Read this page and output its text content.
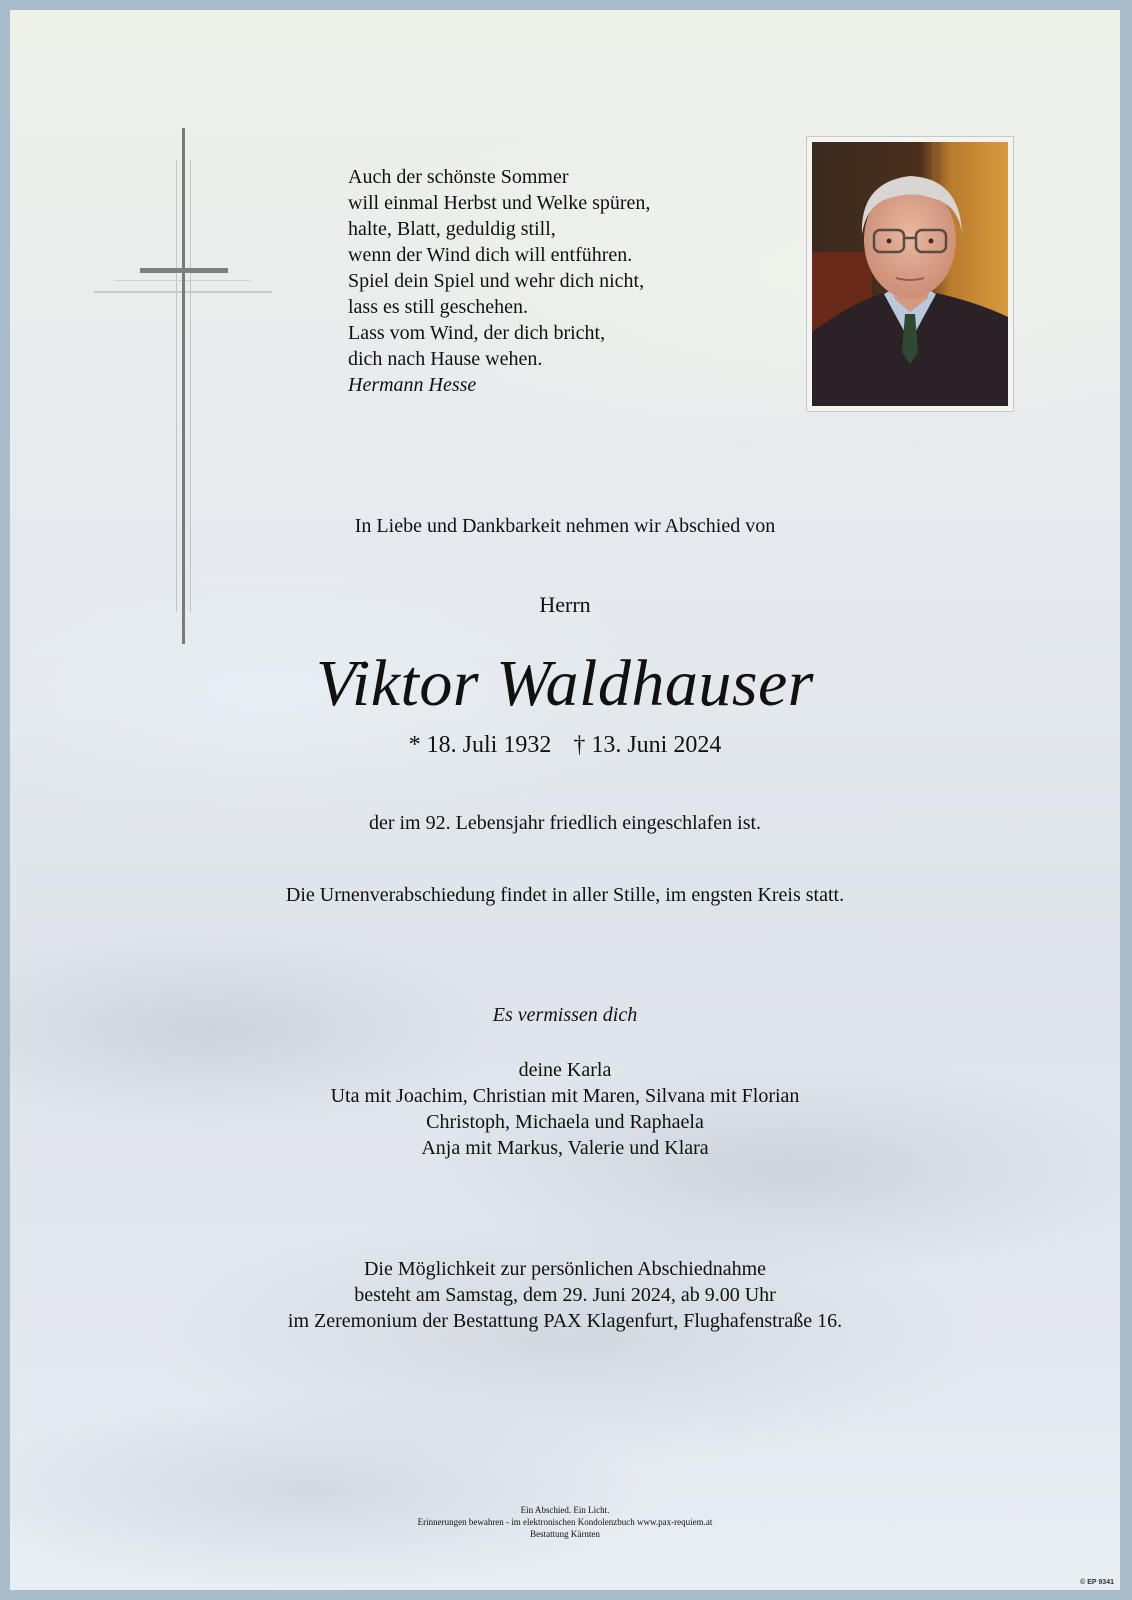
Auch der schönste Sommer
will einmal Herbst und Welke spüren,
halte, Blatt, geduldig still,
wenn der Wind dich will entführen.
Spiel dein Spiel und wehr dich nicht,
lass es still geschehen.
Lass vom Wind, der dich bricht,
dich nach Hause wehen.
Hermann Hesse
In Liebe und Dankbarkeit nehmen wir Abschied von
Herrn
Viktor Waldhauser
* 18. Juli 1932 † 13. Juni 2024
der im 92. Lebensjahr friedlich eingeschlafen ist.
Die Urnenverabschiedung findet in aller Stille, im engsten Kreis statt.
Es vermissen dich
deine Karla
Uta mit Joachim, Christian mit Maren, Silvana mit Florian
Christoph, Michaela und Raphaela
Anja mit Markus, Valerie und Klara
Die Möglichkeit zur persönlichen Abschiednahme
besteht am Samstag, dem 29. Juni 2024, ab 9.00 Uhr
im Zeremonium der Bestattung PAX Klagenfurt, Flughafenstraße 16.
Ein Abschied. Ein Licht.
Erinnerungen bewahren - im elektronischen Kondolenzbuch www.pax-requiem.at
Bestattung Kärnten
© EP 9341
